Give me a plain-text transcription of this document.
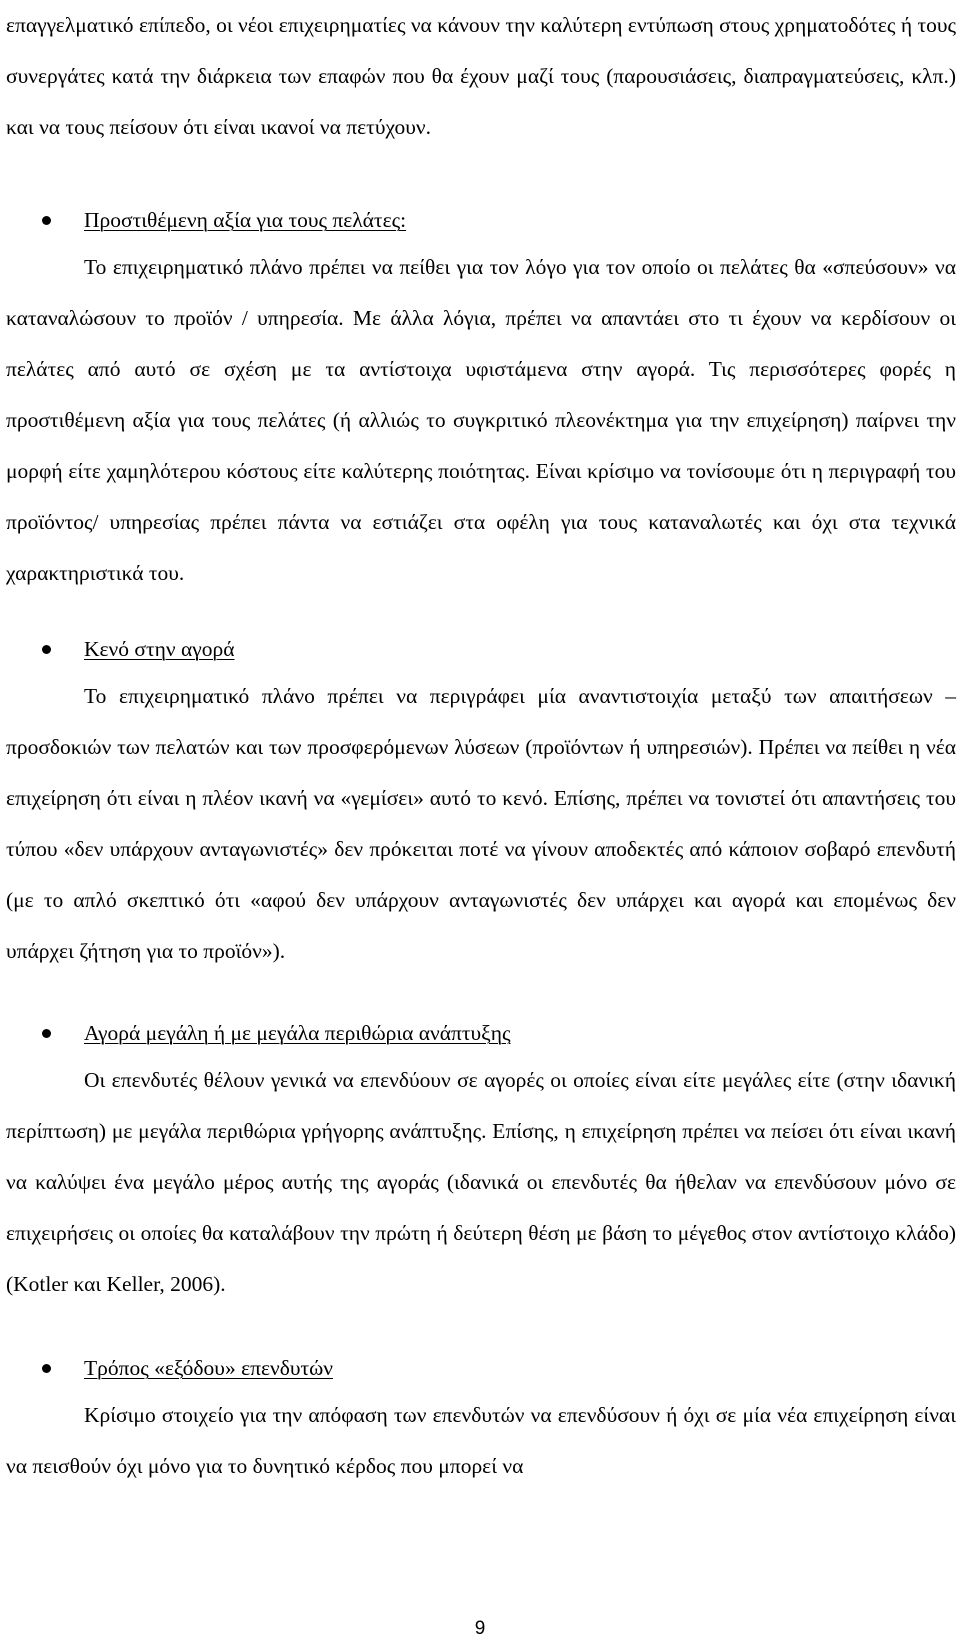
επαγγελματικό επίπεδο, οι νέοι επιχειρηματίες να κάνουν την καλύτερη εντύπωση στους χρηματοδότες ή τους συνεργάτες κατά την διάρκεια των επαφών που θα έχουν μαζί τους (παρουσιάσεις, διαπραγματεύσεις, κλπ.) και να τους πείσουν ότι είναι ικανοί να πετύχουν.

Προστιθέμενη αξία για τους πελάτες:

Το επιχειρηματικό πλάνο πρέπει να πείθει για τον λόγο για τον οποίο οι πελάτες θα «σπεύσουν» να καταναλώσουν το προϊόν / υπηρεσία. Με άλλα λόγια, πρέπει να απαντάει στο τι έχουν να κερδίσουν οι πελάτες από αυτό σε σχέση με τα αντίστοιχα υφιστάμενα στην αγορά. Τις περισσότερες φορές η προστιθέμενη αξία για τους πελάτες (ή αλλιώς το συγκριτικό πλεονέκτημα για την επιχείρηση) παίρνει την μορφή είτε χαμηλότερου κόστους είτε καλύτερης ποιότητας. Είναι κρίσιμο να τονίσουμε ότι η περιγραφή του προϊόντος/ υπηρεσίας πρέπει πάντα να εστιάζει στα οφέλη για τους καταναλωτές και όχι στα τεχνικά χαρακτηριστικά του.

Κενό στην αγορά

Το επιχειρηματικό πλάνο πρέπει να περιγράφει μία αναντιστοιχία μεταξύ των απαιτήσεων – προσδοκιών των πελατών και των προσφερόμενων λύσεων (προϊόντων ή υπηρεσιών). Πρέπει να πείθει η νέα επιχείρηση ότι είναι η πλέον ικανή να «γεμίσει» αυτό το κενό. Επίσης, πρέπει να τονιστεί ότι απαντήσεις του τύπου «δεν υπάρχουν ανταγωνιστές» δεν πρόκειται ποτέ να γίνουν αποδεκτές από κάποιον σοβαρό επενδυτή (με το απλό σκεπτικό ότι «αφού δεν υπάρχουν ανταγωνιστές δεν υπάρχει και αγορά και επομένως δεν υπάρχει ζήτηση για το προϊόν»).

Αγορά μεγάλη ή με μεγάλα περιθώρια ανάπτυξης

Οι επενδυτές θέλουν γενικά να επενδύουν σε αγορές οι οποίες είναι είτε μεγάλες είτε (στην ιδανική περίπτωση) με μεγάλα περιθώρια γρήγορης ανάπτυξης. Επίσης, η επιχείρηση πρέπει να πείσει ότι είναι ικανή να καλύψει ένα μεγάλο μέρος αυτής της αγοράς (ιδανικά οι επενδυτές θα ήθελαν να επενδύσουν μόνο σε επιχειρήσεις οι οποίες θα καταλάβουν την πρώτη ή δεύτερη θέση με βάση το μέγεθος στον αντίστοιχο κλάδο) (Kotler και Keller, 2006).

Τρόπος «εξόδου» επενδυτών

Κρίσιμο στοιχείο για την απόφαση των επενδυτών να επενδύσουν ή όχι σε μία νέα επιχείρηση είναι να πεισθούν όχι μόνο για το δυνητικό κέρδος που μπορεί να

9
